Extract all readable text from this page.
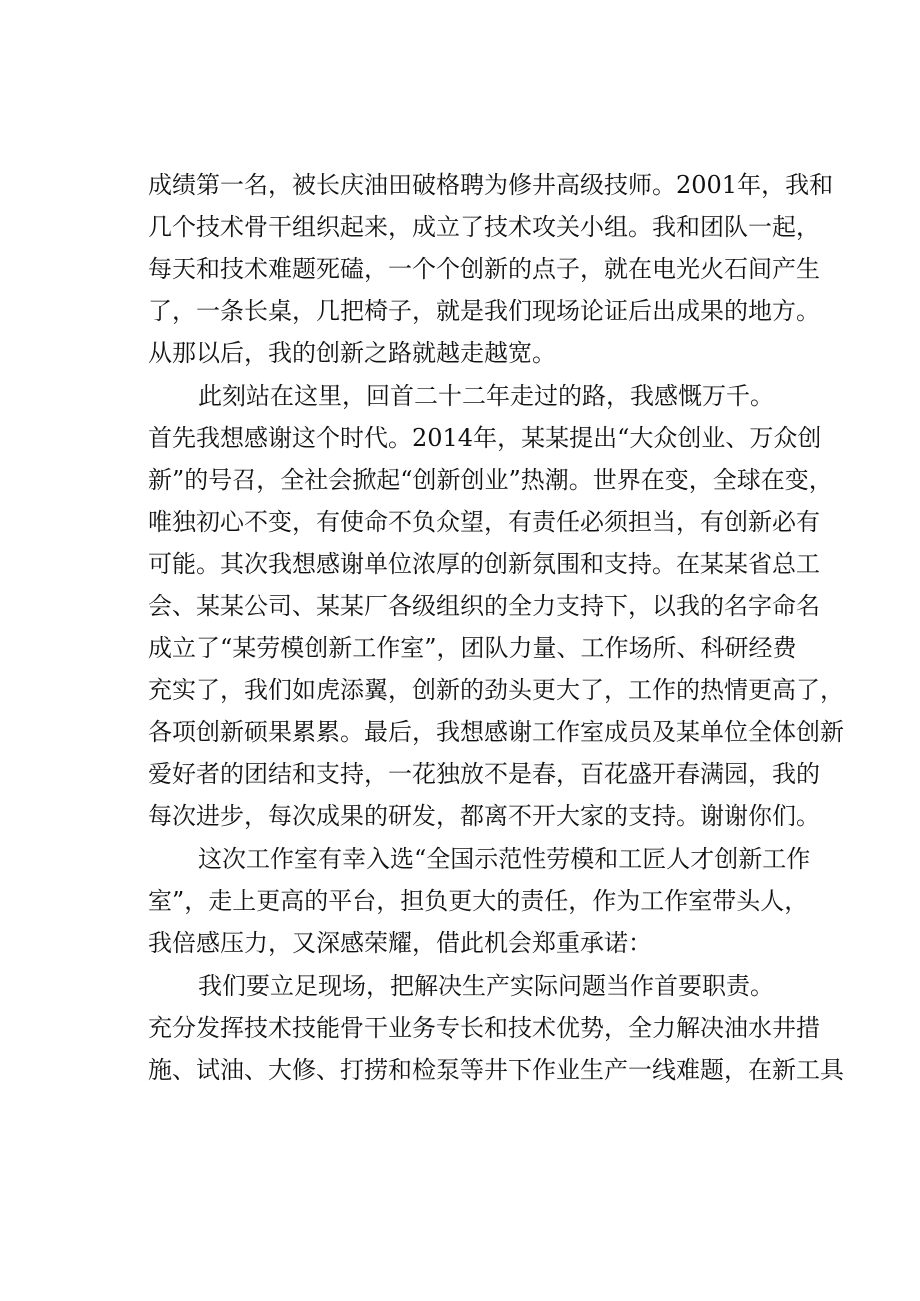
成绩第一名，被长庆油田破格聘为修井高级技师。2001年，我和
几个技术骨干组织起来，成立了技术攻关小组。我和团队一起，
每天和技术难题死磕，一个个创新的点子，就在电光火石间产生
了，一条长桌，几把椅子，就是我们现场论证后出成果的地方。
从那以后，我的创新之路就越走越宽。
此刻站在这里，回首二十二年走过的路，我感慨万千。
首先我想感谢这个时代。2014年，某某提出“大众创业、万众创
新”的号召，全社会掀起“创新创业”热潮。世界在变，全球在变，
唯独初心不变，有使命不负众望，有责任必须担当，有创新必有
可能。其次我想感谢单位浓厚的创新氛围和支持。在某某省总工
会、某某公司、某某厂各级组织的全力支持下，以我的名字命名
成立了“某劳模创新工作室”，团队力量、工作场所、科研经费
充实了，我们如虎添翼，创新的劲头更大了，工作的热情更高了，
各项创新硕果累累。最后，我想感谢工作室成员及某单位全体创新
爱好者的团结和支持，一花独放不是春，百花盛开春满园，我的
每次进步，每次成果的研发，都离不开大家的支持。谢谢你们。
这次工作室有幸入选“全国示范性劳模和工匠人才创新工作
室”，走上更高的平台，担负更大的责任，作为工作室带头人，
我倍感压力，又深感荣耀，借此机会郑重承诺：
我们要立足现场，把解决生产实际问题当作首要职责。
充分发挥技术技能骨干业务专长和技术优势，全力解决油水井措
施、试油、大修、打捞和检泵等井下作业生产一线难题，在新工具
